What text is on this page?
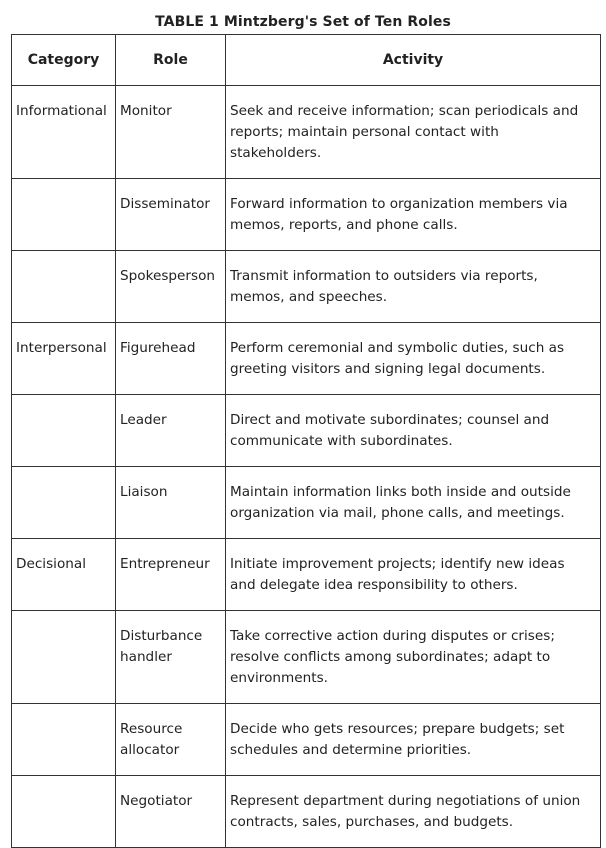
TABLE 1 Mintzberg's Set of Ten Roles
Category	Role	Activity
Informational	Monitor	Seek and receive information; scan periodicals and reports; maintain personal contact with stakeholders.
	Disseminator	Forward information to organization members via memos, reports, and phone calls.
	Spokesperson	Transmit information to outsiders via reports, memos, and speeches.
Interpersonal	Figurehead	Perform ceremonial and symbolic duties, such as greeting visitors and signing legal documents.
	Leader	Direct and motivate subordinates; counsel and communicate with subordinates.
	Liaison	Maintain information links both inside and outside organization via mail, phone calls, and meetings.
Decisional	Entrepreneur	Initiate improvement projects; identify new ideas and delegate idea responsibility to others.
	Disturbance handler	Take corrective action during disputes or crises; resolve conflicts among subordinates; adapt to environments.
	Resource allocator	Decide who gets resources; prepare budgets; set schedules and determine priorities.
	Negotiator	Represent department during negotiations of union contracts, sales, purchases, and budgets.
